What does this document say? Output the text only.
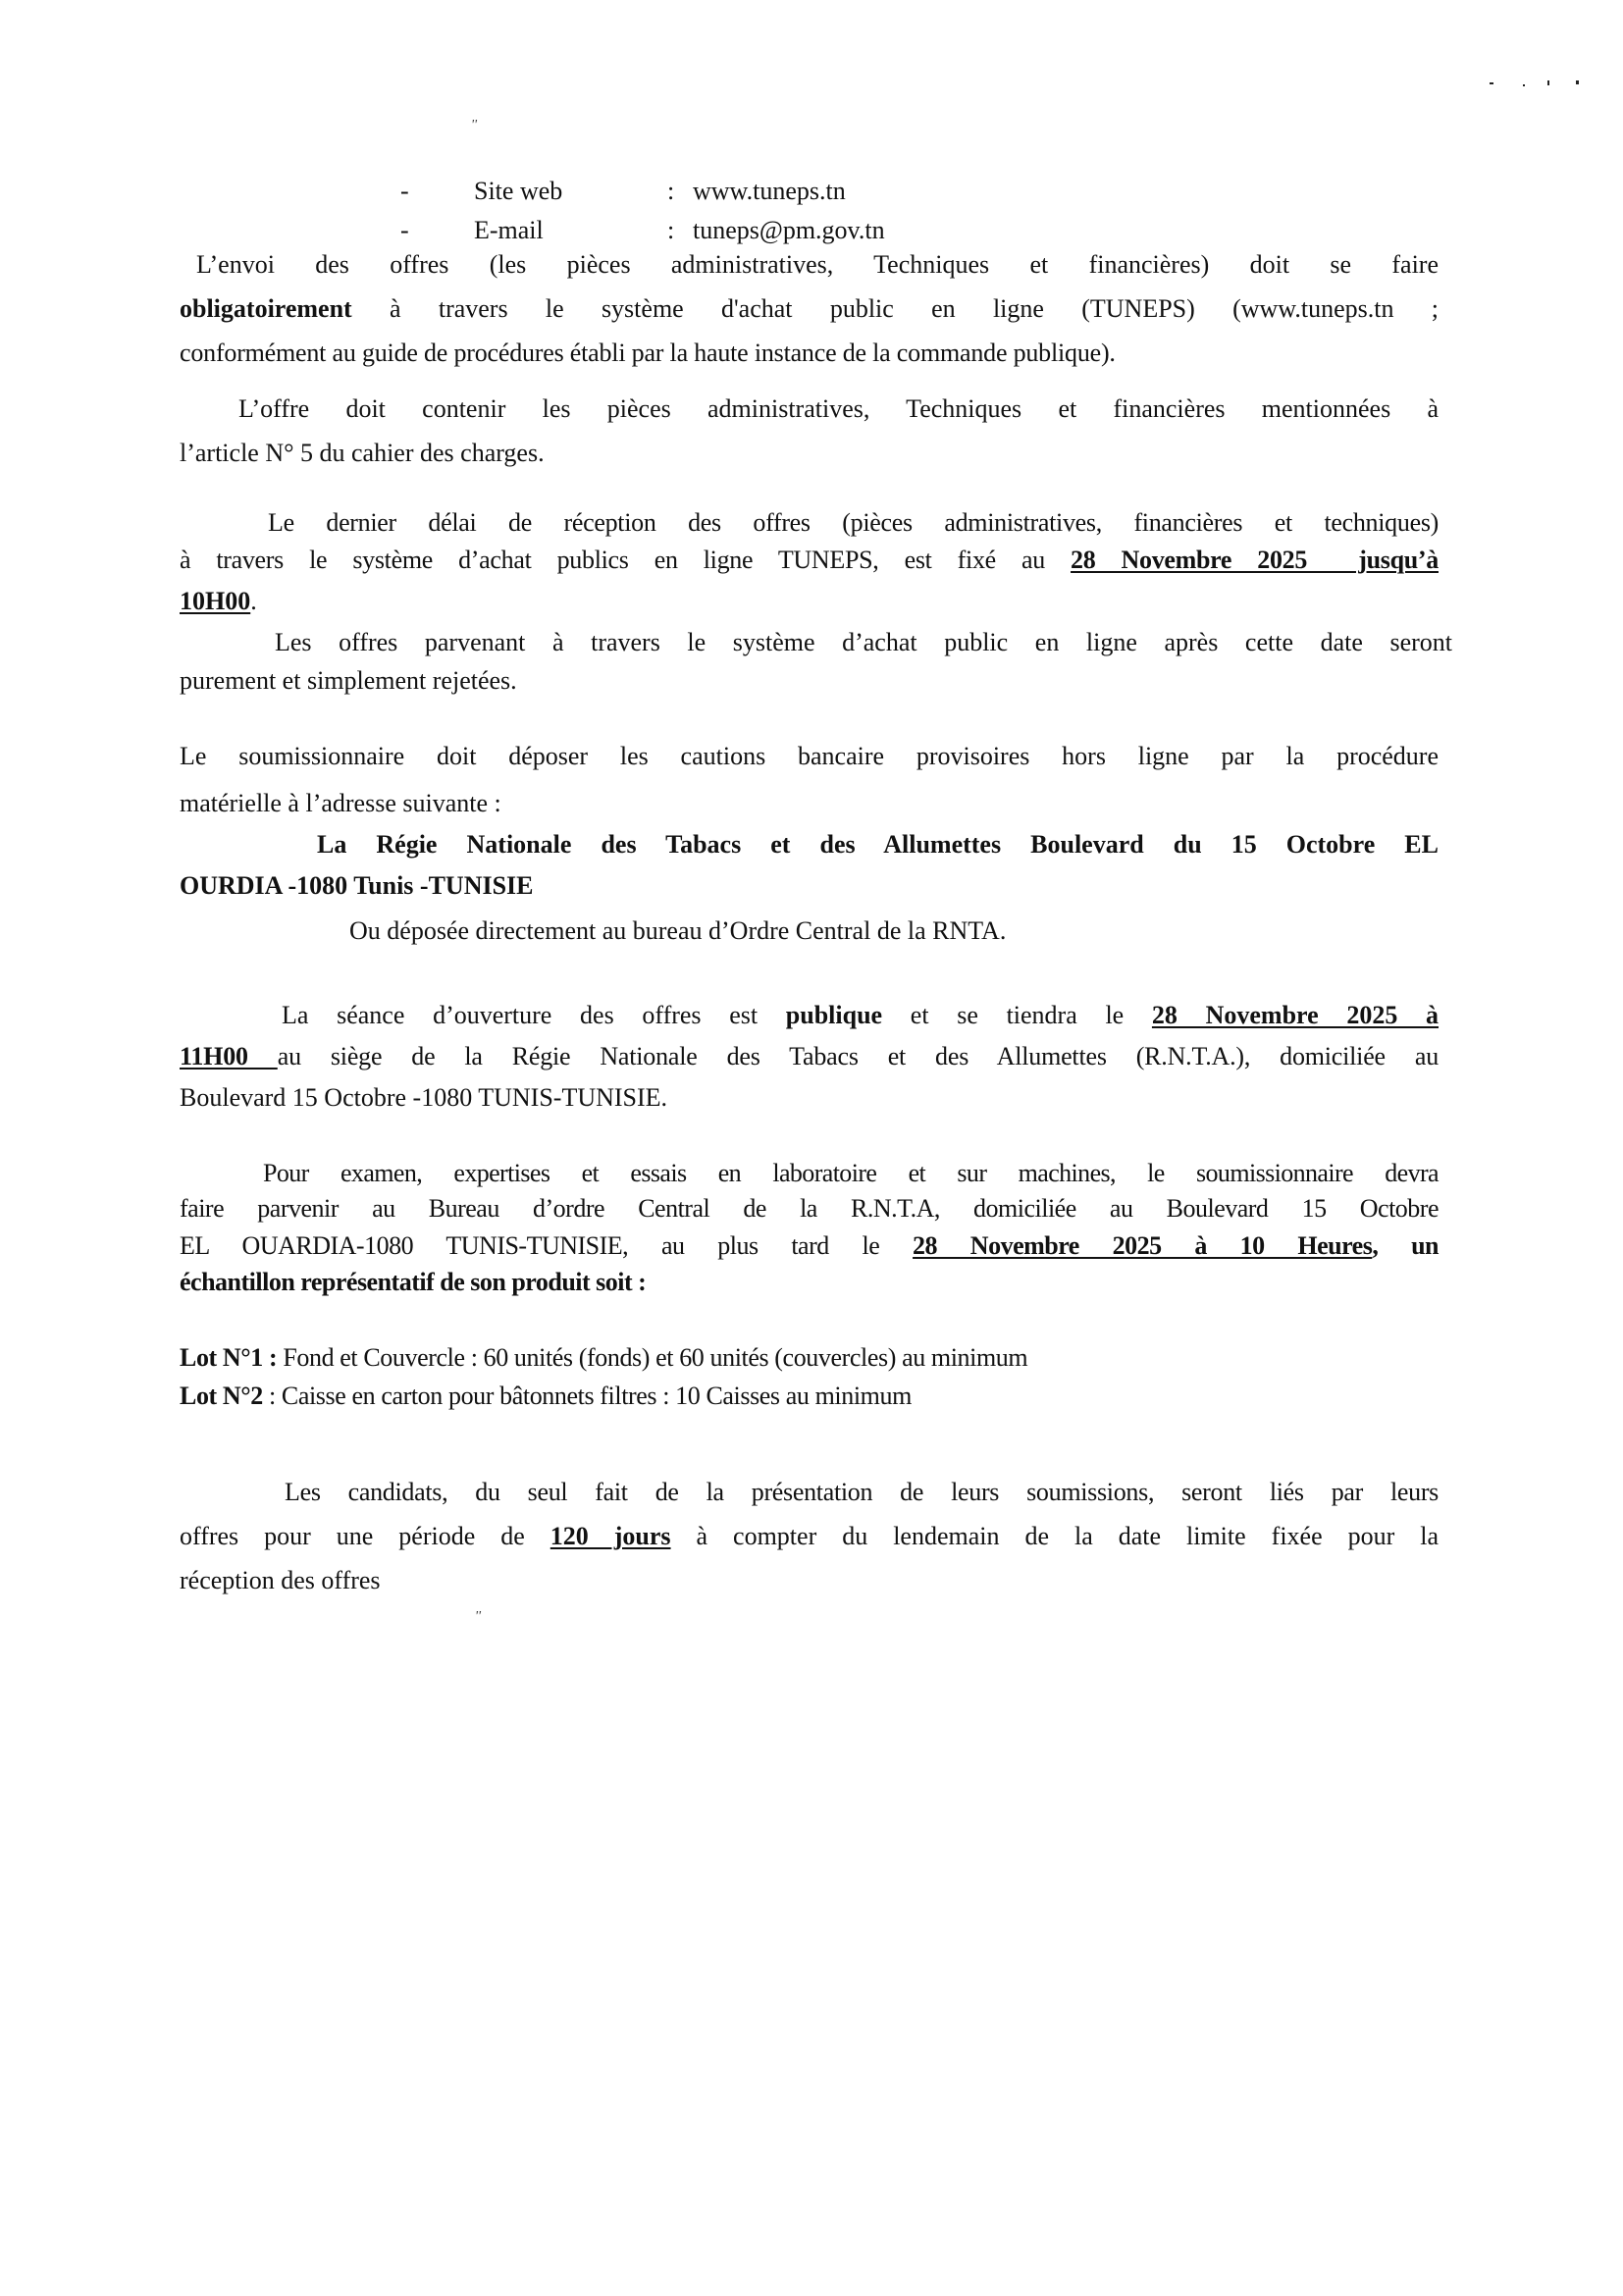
''
-	Site web	: www.tuneps.tn
-	E-mail	: tuneps@pm.gov.tn
L’envoi des offres (les pièces administratives, Techniques et financières) doit se faire
obligatoirement à travers le système d'achat public en ligne (TUNEPS) (www.tuneps.tn ;
conformément au guide de procédures établi par la haute instance de la commande publique).
L’offre doit contenir les pièces administratives, Techniques et financières mentionnées à
l’article N° 5 du cahier des charges.
Le dernier délai de réception des offres (pièces administratives, financières et techniques)
à travers le système d’achat publics en ligne TUNEPS, est fixé au 28 Novembre 2025  jusqu’à
10H00.
Les offres parvenant à travers le système d’achat public en ligne après cette date seront
purement et simplement rejetées.
Le soumissionnaire doit déposer les cautions bancaire provisoires hors ligne par la procédure
matérielle à l’adresse suivante :
La Régie Nationale des Tabacs et des Allumettes Boulevard du 15 Octobre EL
OURDIA -1080 Tunis -TUNISIE
Ou déposée directement au bureau d’Ordre Central de la RNTA.
La séance d’ouverture des offres est publique et se tiendra le 28 Novembre 2025 à
11H00 au siège de la Régie Nationale des Tabacs et des Allumettes (R.N.T.A.), domiciliée au
Boulevard 15 Octobre -1080 TUNIS-TUNISIE.
Pour examen, expertises et essais en laboratoire et sur machines, le soumissionnaire devra
faire parvenir au Bureau d’ordre Central de la R.N.T.A, domiciliée au Boulevard 15 Octobre
EL OUARDIA-1080 TUNIS-TUNISIE, au plus tard le 28 Novembre 2025 à 10 Heures, un
échantillon représentatif de son produit soit :
Lot N°1 : Fond et Couvercle : 60 unités (fonds) et 60 unités (couvercles) au minimum
Lot N°2 : Caisse en carton pour bâtonnets filtres : 10 Caisses au minimum
Les candidats, du seul fait de la présentation de leurs soumissions, seront liés par leurs
offres pour une période de 120 jours à compter du lendemain de la date limite fixée pour la
réception des offres
''
